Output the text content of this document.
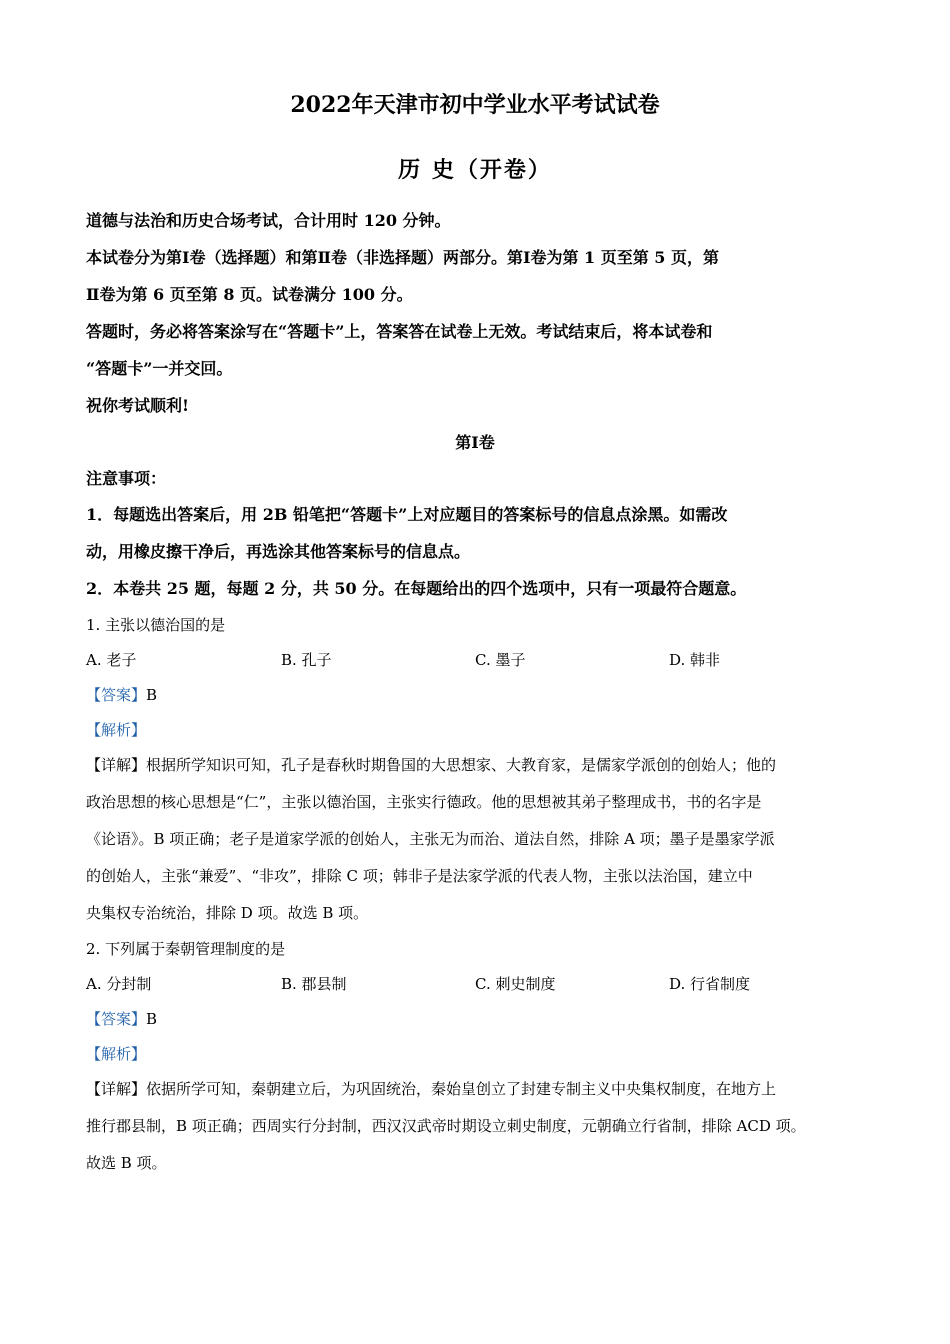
2022年天津市初中学业水平考试试卷
历 史（开卷）
道德与法治和历史合场考试，合计用时 120 分钟。
本试卷分为第Ⅰ卷（选择题）和第Ⅱ卷（非选择题）两部分。第Ⅰ卷为第 1 页至第 5 页，第
Ⅱ卷为第 6 页至第 8 页。试卷满分 100 分。
答题时，务必将答案涂写在“答题卡”上，答案答在试卷上无效。考试结束后，将本试卷和
“答题卡”一并交回。
祝你考试顺利!
第Ⅰ卷
注意事项：
1．每题选出答案后，用 2B 铅笔把“答题卡”上对应题目的答案标号的信息点涂黑。如需改
动，用橡皮擦干净后，再选涂其他答案标号的信息点。
2．本卷共 25 题，每题 2 分，共 50 分。在每题给出的四个选项中，只有一项最符合题意。
1. 主张以德治国的是
A. 老子	B. 孔子	C. 墨子	D. 韩非
【答案】B
【解析】
【详解】根据所学知识可知，孔子是春秋时期鲁国的大思想家、大教育家，是儒家学派创的创始人；他的
政治思想的核心思想是“仁”，主张以德治国，主张实行德政。他的思想被其弟子整理成书，书的名字是
《论语》。B 项正确；老子是道家学派的创始人，主张无为而治、道法自然，排除 A 项；墨子是墨家学派
的创始人，主张“兼爱”、“非攻”，排除 C 项；韩非子是法家学派的代表人物，主张以法治国，建立中
央集权专治统治，排除 D 项。故选 B 项。
2. 下列属于秦朝管理制度的是
A. 分封制	B. 郡县制	C. 刺史制度	D. 行省制度
【答案】B
【解析】
【详解】依据所学可知，秦朝建立后，为巩固统治，秦始皇创立了封建专制主义中央集权制度，在地方上
推行郡县制，B 项正确；西周实行分封制，西汉汉武帝时期设立刺史制度，元朝确立行省制，排除 ACD 项。
故选 B 项。
